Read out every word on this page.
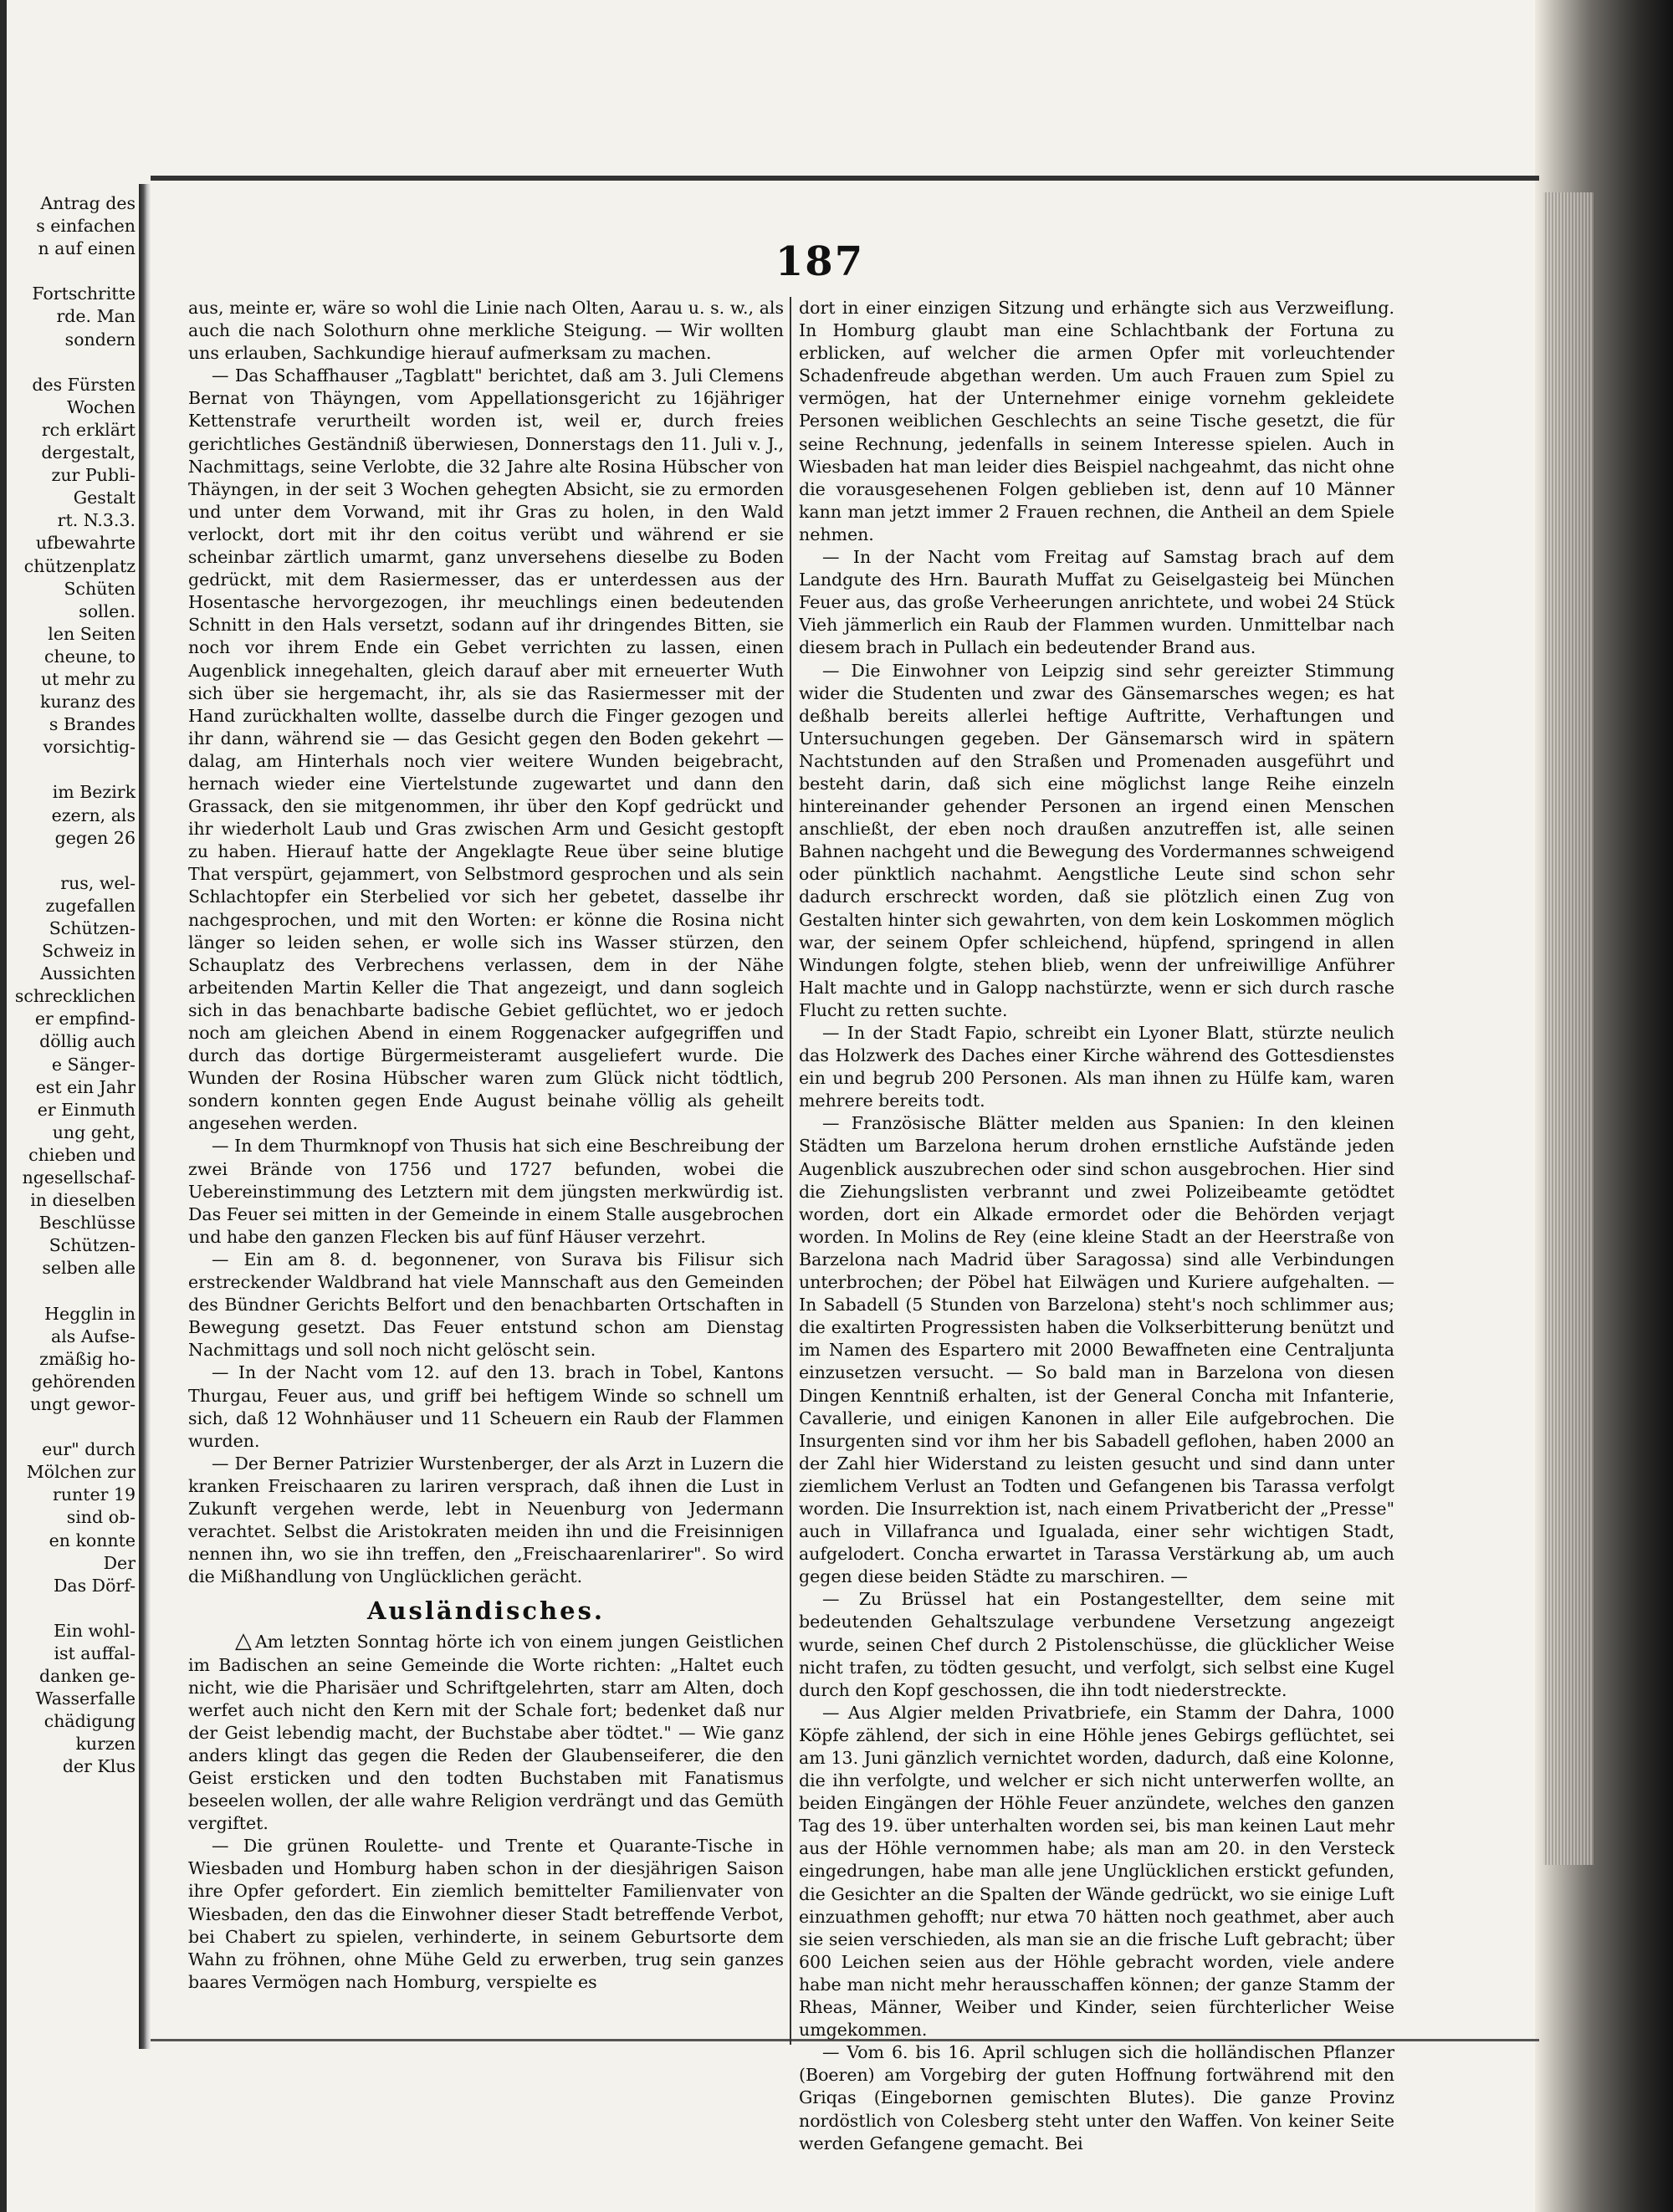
Antrag des
s einfachen
n auf einen

Fortschritte
rde. Man
sondern

des Fürsten
Wochen
rch erklärt
dergestalt,
zur Publi-
Gestalt
rt. N.3.3.
ufbewahrte
chützenplatz
Schüten
sollen.
len Seiten
cheune, to
ut mehr zu
kuranz des
s Brandes
vorsichtig-

im Bezirk
ezern, als
gegen 26

rus, wel-
zugefallen
Schützen-
Schweiz in
Aussichten
schrecklichen
er empfind-
döllig auch
e Sänger-
est ein Jahr
er Einmuth
ung geht,
chieben und
ngesellschaf-
in dieselben
Beschlüsse
Schützen-
selben alle

Hegglin in
als Aufse-
zmäßig ho-
gehörenden
ungt gewor-

eur" durch
Mölchen zur
runter 19
sind ob-
en konnte
Der
Das Dörf-

Ein wohl-
ist auffal-
danken ge-
Wasserfalle
chädigung
kurzen
der Klus
187

aus, meinte er, wäre so wohl die Linie nach Olten, Aarau u. s. w., als auch die nach Solothurn ohne merkliche Steigung. — Wir wollten uns erlauben, Sachkundige hierauf aufmerksam zu machen.

— Das Schaffhauser „Tagblatt" berichtet, daß am 3. Juli Clemens Bernat von Thäyngen, vom Appellationsgericht zu 16jähriger Kettenstrafe verurtheilt worden ist, weil er, durch freies gerichtliches Geständniß überwiesen, Donnerstags den 11. Juli v. J., Nachmittags, seine Verlobte, die 32 Jahre alte Rosina Hübscher von Thäyngen, in der seit 3 Wochen gehegten Absicht, sie zu ermorden und unter dem Vorwand, mit ihr Gras zu holen, in den Wald verlockt, dort mit ihr den coitus verübt und während er sie scheinbar zärtlich umarmt, ganz unversehens dieselbe zu Boden gedrückt, mit dem Rasiermesser, das er unterdessen aus der Hosentasche hervorgezogen, ihr meuchlings einen bedeutenden Schnitt in den Hals versetzt, sodann auf ihr dringendes Bitten, sie noch vor ihrem Ende ein Gebet verrichten zu lassen, einen Augenblick innegehalten, gleich darauf aber mit erneuerter Wuth sich über sie hergemacht, ihr, als sie das Rasiermesser mit der Hand zurückhalten wollte, dasselbe durch die Finger gezogen und ihr dann, während sie — das Gesicht gegen den Boden gekehrt — dalag, am Hinterhals noch vier weitere Wunden beigebracht, hernach wieder eine Viertelstunde zugewartet und dann den Grassack, den sie mitgenommen, ihr über den Kopf gedrückt und ihr wiederholt Laub und Gras zwischen Arm und Gesicht gestopft zu haben. Hierauf hatte der Angeklagte Reue über seine blutige That verspürt, gejammert, von Selbstmord gesprochen und als sein Schlachtopfer ein Sterbelied vor sich her gebetet, dasselbe ihr nachgesprochen, und mit den Worten: er könne die Rosina nicht länger so leiden sehen, er wolle sich ins Wasser stürzen, den Schauplatz des Verbrechens verlassen, dem in der Nähe arbeitenden Martin Keller die That angezeigt, und dann sogleich sich in das benachbarte badische Gebiet geflüchtet, wo er jedoch noch am gleichen Abend in einem Roggenacker aufgegriffen und durch das dortige Bürgermeisteramt ausgeliefert wurde. Die Wunden der Rosina Hübscher waren zum Glück nicht tödtlich, sondern konnten gegen Ende August beinahe völlig als geheilt angesehen werden.

— In dem Thurmknopf von Thusis hat sich eine Beschreibung der zwei Brände von 1756 und 1727 befunden, wobei die Uebereinstimmung des Letztern mit dem jüngsten merkwürdig ist. Das Feuer sei mitten in der Gemeinde in einem Stalle ausgebrochen und habe den ganzen Flecken bis auf fünf Häuser verzehrt.

— Ein am 8. d. begonnener, von Surava bis Filisur sich erstreckender Waldbrand hat viele Mannschaft aus den Gemeinden des Bündner Gerichts Belfort und den benachbarten Ortschaften in Bewegung gesetzt. Das Feuer entstund schon am Dienstag Nachmittags und soll noch nicht gelöscht sein.

— In der Nacht vom 12. auf den 13. brach in Tobel, Kantons Thurgau, Feuer aus, und griff bei heftigem Winde so schnell um sich, daß 12 Wohnhäuser und 11 Scheuern ein Raub der Flammen wurden.

— Der Berner Patrizier Wurstenberger, der als Arzt in Luzern die kranken Freischaaren zu lariren versprach, daß ihnen die Lust in Zukunft vergehen werde, lebt in Neuenburg von Jedermann verachtet. Selbst die Aristokraten meiden ihn und die Freisinnigen nennen ihn, wo sie ihn treffen, den „Freischaarenlarirer". So wird die Mißhandlung von Unglücklichen gerächt.

Ausländisches.

△ Am letzten Sonntag hörte ich von einem jungen Geistlichen im Badischen an seine Gemeinde die Worte richten: „Haltet euch nicht, wie die Pharisäer und Schriftgelehrten, starr am Alten, doch werfet auch nicht den Kern mit der Schale fort; bedenket daß nur der Geist lebendig macht, der Buchstabe aber tödtet." — Wie ganz anders klingt das gegen die Reden der Glaubenseiferer, die den Geist ersticken und den todten Buchstaben mit Fanatismus beseelen wollen, der alle wahre Religion verdrängt und das Gemüth vergiftet.

— Die grünen Roulette- und Trente et Quarante-Tische in Wiesbaden und Homburg haben schon in der diesjährigen Saison ihre Opfer gefordert. Ein ziemlich bemittelter Familienvater von Wiesbaden, den das die Einwohner dieser Stadt betreffende Verbot, bei Chabert zu spielen, verhinderte, in seinem Geburtsorte dem Wahn zu fröhnen, ohne Mühe Geld zu erwerben, trug sein ganzes baares Vermögen nach Homburg, verspielte es

dort in einer einzigen Sitzung und erhängte sich aus Verzweiflung. In Homburg glaubt man eine Schlachtbank der Fortuna zu erblicken, auf welcher die armen Opfer mit vorleuchtender Schadenfreude abgethan werden. Um auch Frauen zum Spiel zu vermögen, hat der Unternehmer einige vornehm gekleidete Personen weiblichen Geschlechts an seine Tische gesetzt, die für seine Rechnung, jedenfalls in seinem Interesse spielen. Auch in Wiesbaden hat man leider dies Beispiel nachgeahmt, das nicht ohne die vorausgesehenen Folgen geblieben ist, denn auf 10 Männer kann man jetzt immer 2 Frauen rechnen, die Antheil an dem Spiele nehmen.

— In der Nacht vom Freitag auf Samstag brach auf dem Landgute des Hrn. Baurath Muffat zu Geiselgasteig bei München Feuer aus, das große Verheerungen anrichtete, und wobei 24 Stück Vieh jämmerlich ein Raub der Flammen wurden. Unmittelbar nach diesem brach in Pullach ein bedeutender Brand aus.

— Die Einwohner von Leipzig sind sehr gereizter Stimmung wider die Studenten und zwar des Gänsemarsches wegen; es hat deßhalb bereits allerlei heftige Auftritte, Verhaftungen und Untersuchungen gegeben. Der Gänsemarsch wird in spätern Nachtstunden auf den Straßen und Promenaden ausgeführt und besteht darin, daß sich eine möglichst lange Reihe einzeln hintereinander gehender Personen an irgend einen Menschen anschließt, der eben noch draußen anzutreffen ist, alle seinen Bahnen nachgeht und die Bewegung des Vordermannes schweigend oder pünktlich nachahmt. Aengstliche Leute sind schon sehr dadurch erschreckt worden, daß sie plötzlich einen Zug von Gestalten hinter sich gewahrten, von dem kein Loskommen möglich war, der seinem Opfer schleichend, hüpfend, springend in allen Windungen folgte, stehen blieb, wenn der unfreiwillige Anführer Halt machte und in Galopp nachstürzte, wenn er sich durch rasche Flucht zu retten suchte.

— In der Stadt Fapio, schreibt ein Lyoner Blatt, stürzte neulich das Holzwerk des Daches einer Kirche während des Gottesdienstes ein und begrub 200 Personen. Als man ihnen zu Hülfe kam, waren mehrere bereits todt.

— Französische Blätter melden aus Spanien: In den kleinen Städten um Barzelona herum drohen ernstliche Aufstände jeden Augenblick auszubrechen oder sind schon ausgebrochen. Hier sind die Ziehungslisten verbrannt und zwei Polizeibeamte getödtet worden, dort ein Alkade ermordet oder die Behörden verjagt worden. In Molins de Rey (eine kleine Stadt an der Heerstraße von Barzelona nach Madrid über Saragossa) sind alle Verbindungen unterbrochen; der Pöbel hat Eilwägen und Kuriere aufgehalten. — In Sabadell (5 Stunden von Barzelona) steht's noch schlimmer aus; die exaltirten Progressisten haben die Volkserbitterung benützt und im Namen des Espartero mit 2000 Bewaffneten eine Centraljunta einzusetzen versucht. — So bald man in Barzelona von diesen Dingen Kenntniß erhalten, ist der General Concha mit Infanterie, Cavallerie, und einigen Kanonen in aller Eile aufgebrochen. Die Insurgenten sind vor ihm her bis Sabadell geflohen, haben 2000 an der Zahl hier Widerstand zu leisten gesucht und sind dann unter ziemlichem Verlust an Todten und Gefangenen bis Tarassa verfolgt worden. Die Insurrektion ist, nach einem Privatbericht der „Presse" auch in Villafranca und Igualada, einer sehr wichtigen Stadt, aufgelodert. Concha erwartet in Tarassa Verstärkung ab, um auch gegen diese beiden Städte zu marschiren. —

— Zu Brüssel hat ein Postangestellter, dem seine mit bedeutenden Gehaltszulage verbundene Versetzung angezeigt wurde, seinen Chef durch 2 Pistolenschüsse, die glücklicher Weise nicht trafen, zu tödten gesucht, und verfolgt, sich selbst eine Kugel durch den Kopf geschossen, die ihn todt niederstreckte.

— Aus Algier melden Privatbriefe, ein Stamm der Dahra, 1000 Köpfe zählend, der sich in eine Höhle jenes Gebirgs geflüchtet, sei am 13. Juni gänzlich vernichtet worden, dadurch, daß eine Kolonne, die ihn verfolgte, und welcher er sich nicht unterwerfen wollte, an beiden Eingängen der Höhle Feuer anzündete, welches den ganzen Tag des 19. über unterhalten worden sei, bis man keinen Laut mehr aus der Höhle vernommen habe; als man am 20. in den Versteck eingedrungen, habe man alle jene Unglücklichen erstickt gefunden, die Gesichter an die Spalten der Wände gedrückt, wo sie einige Luft einzuathmen gehofft; nur etwa 70 hätten noch geathmet, aber auch sie seien verschieden, als man sie an die frische Luft gebracht; über 600 Leichen seien aus der Höhle gebracht worden, viele andere habe man nicht mehr herausschaffen können; der ganze Stamm der Rheas, Männer, Weiber und Kinder, seien fürchterlicher Weise umgekommen.

— Vom 6. bis 16. April schlugen sich die holländischen Pflanzer (Boeren) am Vorgebirg der guten Hoffnung fortwährend mit den Griqas (Eingebornen gemischten Blutes). Die ganze Provinz nordöstlich von Colesberg steht unter den Waffen. Von keiner Seite werden Gefangene gemacht. Bei
